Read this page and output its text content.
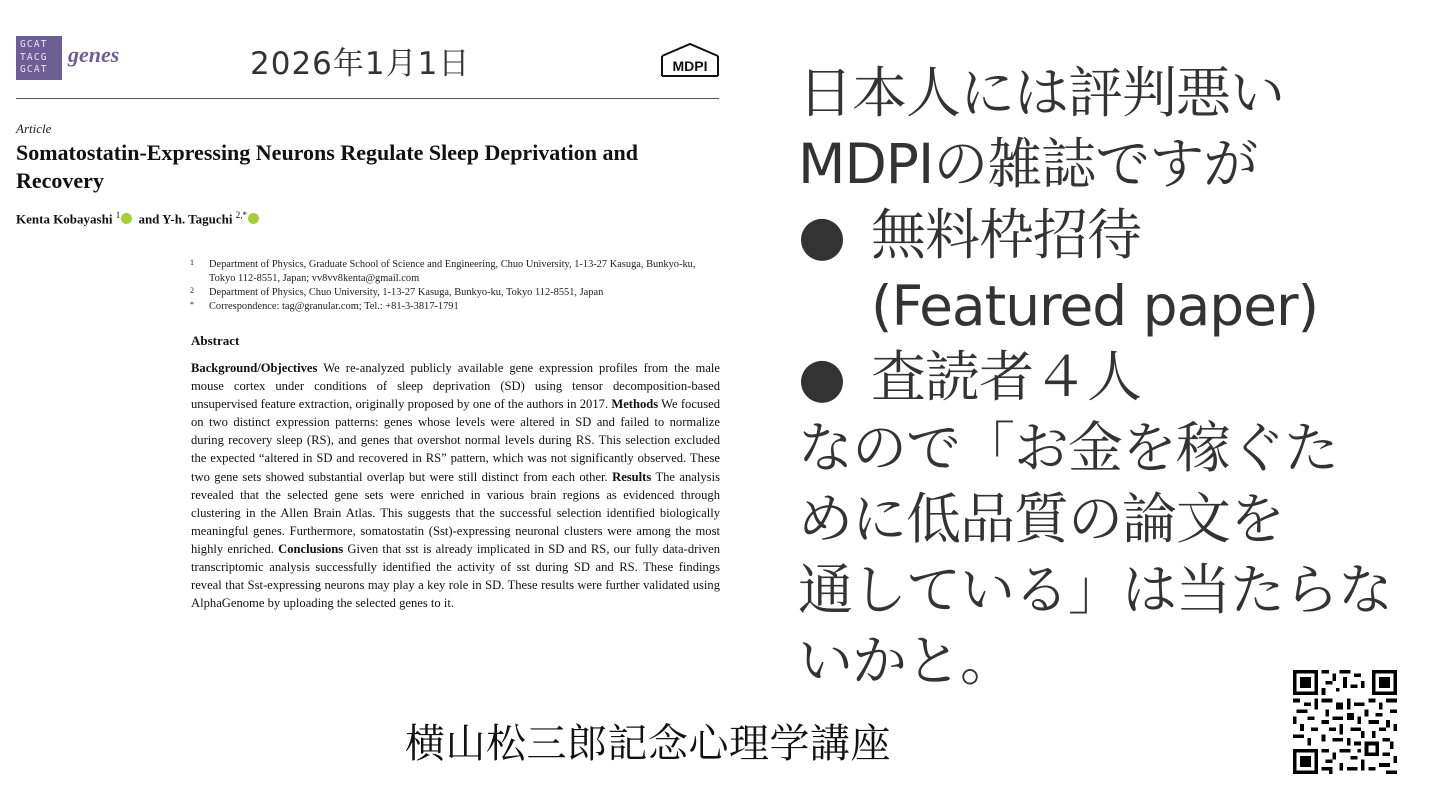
GCAT
TACG
GCAT
genes	2026年1月1日	MDPI
Article
Somatostatin-Expressing Neurons Regulate Sleep Deprivation and Recovery
Kenta Kobayashi $^1$ and Y-h. Taguchi $^{2,*}$
1 Department of Physics, Graduate School of Science and Engineering, Chuo University, 1-13-27 Kasuga, Bunkyo-ku, Tokyo 112-8551, Japan; vv8vv8kenta@gmail.com
2 Department of Physics, Chuo University, 1-13-27 Kasuga, Bunkyo-ku, Tokyo 112-8551, Japan
* Correspondence: tag@granular.com; Tel.: +81-3-3817-1791
Abstract
Background/Objectives We re-analyzed publicly available gene expression profiles from the male mouse cortex under conditions of sleep deprivation (SD) using tensor decomposition-based unsupervised feature extraction, originally proposed by one of the authors in 2017. Methods We focused on two distinct expression patterns: genes whose levels were altered in SD and failed to normalize during recovery sleep (RS), and genes that overshot normal levels during RS. This selection excluded the expected “altered in SD and recovered in RS” pattern, which was not significantly observed. These two gene sets showed substantial overlap but were still distinct from each other. Results The analysis revealed that the selected gene sets were enriched in various brain regions as evidenced through clustering in the Allen Brain Atlas. This suggests that the successful selection identified biologically meaningful genes. Furthermore, somatostatin (Sst)-expressing neuronal clusters were among the most highly enriched. Conclusions Given that sst is already implicated in SD and RS, our fully data-driven transcriptomic analysis successfully identified the activity of sst during SD and RS. These findings reveal that Sst-expressing neurons may play a key role in SD. These results were further validated using AlphaGenome by uploading the selected genes to it.
日本人には評判悪い
MDPIの雑誌ですが
● 無料枠招待
(Featured paper)
● 査読者４人
なので「お金を稼ぐた
めに低品質の論文を
通している」は当たらな
いかと。
横山松三郎記念心理学講座
